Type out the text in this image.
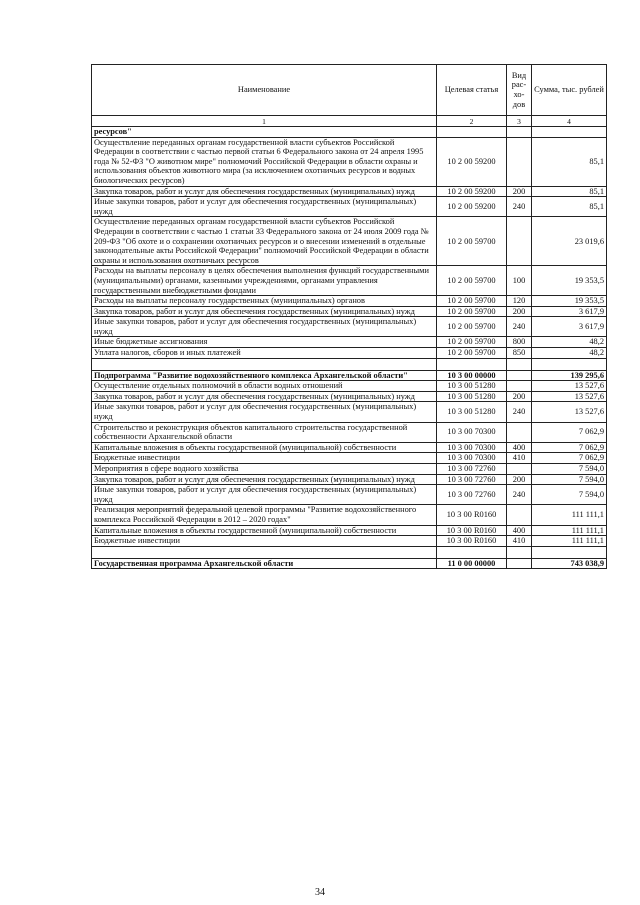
Наименование	Целевая статья	Вид рас-хо-дов	Сумма, тыс. рублей
1	2	3	4
ресурсов"			
Осуществление переданных органам государственной власти субъектов Российской Федерации в соответствии с частью первой статьи 6 Федерального закона от 24 апреля 1995 года № 52-ФЗ "О животном мире" полномочий Российской Федерации в области охраны и использования объектов животного мира (за исключением охотничьих ресурсов и водных биологических ресурсов)	10 2 00 59200		85,1
Закупка товаров, работ и услуг для обеспечения государственных (муниципальных) нужд	10 2 00 59200	200	85,1
Иные закупки товаров, работ и услуг для обеспечения государственных (муниципальных) нужд	10 2 00 59200	240	85,1
Осуществление переданных органам государственной власти субъектов Российской Федерации в соответствии с частью 1 статьи 33 Федерального закона от 24 июля 2009 года № 209-ФЗ "Об охоте и о сохранении охотничьих ресурсов и о внесении изменений в отдельные законодательные акты Российской Федерации" полномочий Российской Федерации в области охраны и использования охотничьих ресурсов	10 2 00 59700		23 019,6
Расходы на выплаты персоналу в целях обеспечения выполнения функций государственными (муниципальными) органами, казенными учреждениями, органами управления государственными внебюджетными фондами	10 2 00 59700	100	19 353,5
Расходы на выплаты персоналу государственных (муниципальных) органов	10 2 00 59700	120	19 353,5
Закупка товаров, работ и услуг для обеспечения государственных (муниципальных) нужд	10 2 00 59700	200	3 617,9
Иные закупки товаров, работ и услуг для обеспечения государственных (муниципальных) нужд	10 2 00 59700	240	3 617,9
Иные бюджетные ассигнования	10 2 00 59700	800	48,2
Уплата налогов, сборов и иных платежей	10 2 00 59700	850	48,2

Подпрограмма "Развитие водохозяйственного комплекса Архангельской области"	10 3 00 00000		139 295,6
Осуществление отдельных полномочий в области водных отношений	10 3 00 51280		13 527,6
Закупка товаров, работ и услуг для обеспечения государственных (муниципальных) нужд	10 3 00 51280	200	13 527,6
Иные закупки товаров, работ и услуг для обеспечения государственных (муниципальных) нужд	10 3 00 51280	240	13 527,6
Строительство и реконструкция объектов капитального строительства государственной собственности Архангельской области	10 3 00 70300		7 062,9
Капитальные вложения в объекты государственной (муниципальной) собственности	10 3 00 70300	400	7 062,9
Бюджетные инвестиции	10 3 00 70300	410	7 062,9
Мероприятия в сфере водного хозяйства	10 3 00 72760		7 594,0
Закупка товаров, работ и услуг для обеспечения государственных (муниципальных) нужд	10 3 00 72760	200	7 594,0
Иные закупки товаров, работ и услуг для обеспечения государственных (муниципальных) нужд	10 3 00 72760	240	7 594,0
Реализация мероприятий федеральной целевой программы "Развитие водохозяйственного комплекса Российской Федерации в 2012 – 2020 годах"	10 3 00 R0160		111 111,1
Капитальные вложения в объекты государственной (муниципальной) собственности	10 3 00 R0160	400	111 111,1
Бюджетные инвестиции	10 3 00 R0160	410	111 111,1

Государственная программа Архангельской области	11 0 00 00000		743 038,9
34
